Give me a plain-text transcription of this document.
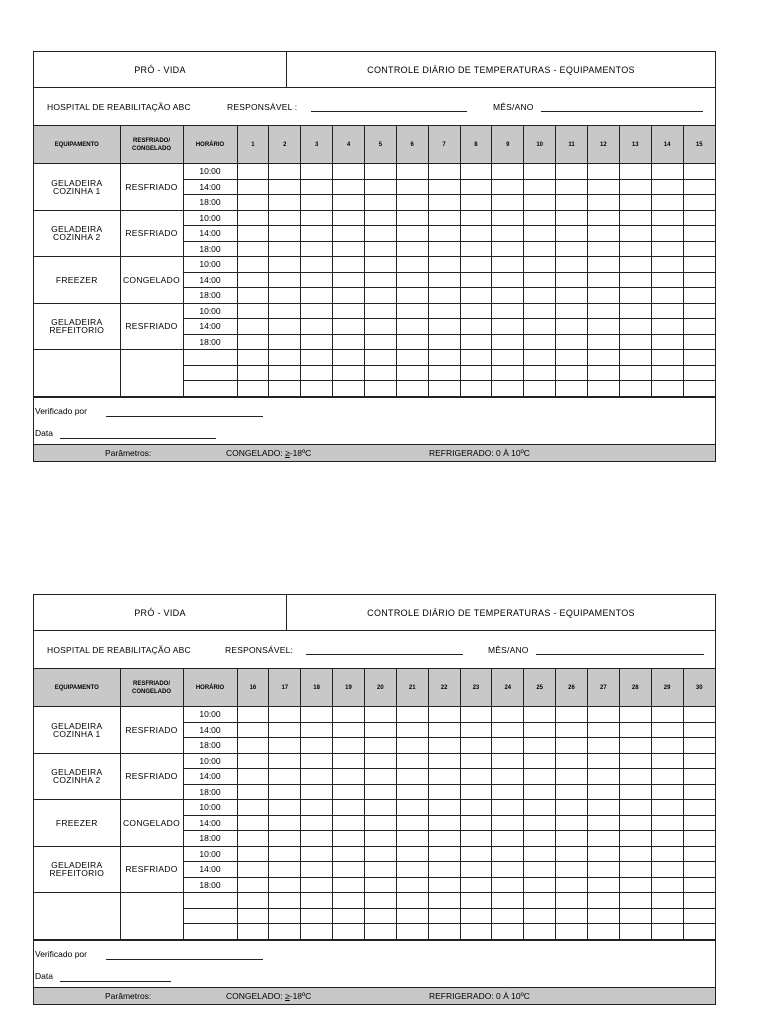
PRÓ - VIDA	CONTROLE DIÁRIO DE TEMPERATURAS - EQUIPAMENTOS
HOSPITAL DE REABILITAÇÃO ABC	RESPONSÁVEL :	MÊS/ANO
EQUIPAMENTO	RESFRIADO/ CONGELADO	HORÁRIO	1	2	3	4	5	6	7	8	9	10	11	12	13	14	15
GELADEIRA COZINHA 1	RESFRIADO	10:00															
		14:00															
		18:00															
GELADEIRA COZINHA 2	RESFRIADO	10:00															
		14:00															
		18:00															
FREEZER	CONGELADO	10:00															
		14:00															
		18:00															
GELADEIRA REFEITORIO	RESFRIADO	10:00															
		14:00															
		18:00															

Verificado por
Data
Parâmetros:	CONGELADO: ≥-18ºC	REFRIGERADO: 0 À 10ºC
PRÓ - VIDA	CONTROLE DIÁRIO DE TEMPERATURAS - EQUIPAMENTOS
HOSPITAL DE REABILITAÇÃO ABC	RESPONSÁVEL:	MÊS/ANO
EQUIPAMENTO	RESFRIADO/ CONGELADO	HORÁRIO	16	17	18	19	20	21	22	23	24	25	26	27	28	29	30
GELADEIRA COZINHA 1	RESFRIADO	10:00															
		14:00															
		18:00															
GELADEIRA COZINHA 2	RESFRIADO	10:00															
		14:00															
		18:00															
FREEZER	CONGELADO	10:00															
		14:00															
		18:00															
GELADEIRA REFEITORIO	RESFRIADO	10:00															
		14:00															
		18:00															

Verificado por
Data
Parâmetros:	CONGELADO: ≥-18ºC	REFRIGERADO: 0 À 10ºC
